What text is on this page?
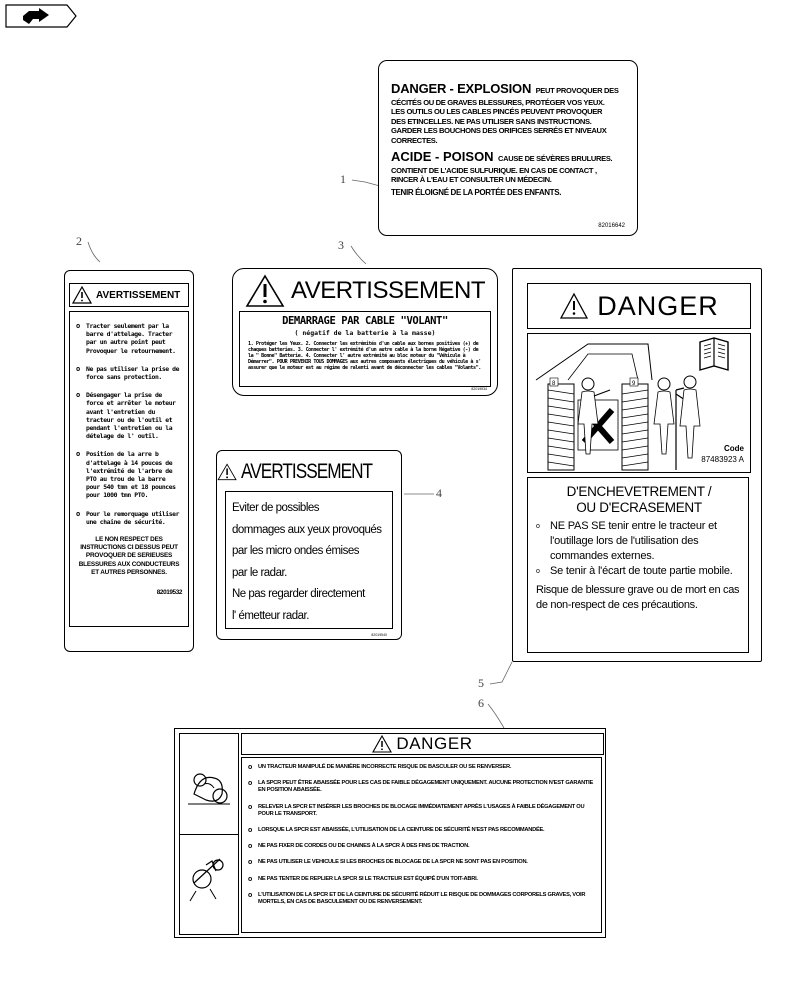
1
2	3
4
5
6
DANGER - EXPLOSION PEUT PROVOQUER DES
CÉCITÉS OU DE GRAVES BLESSURES, PROTÉGER VOS YEUX.
LES OUTILS OU LES CABLES PINCÉS PEUVENT PROVOQUER
DES ETINCELLES. NE PAS UTILISER SANS INSTRUCTIONS.
GARDER LES BOUCHONS DES ORIFICES SERRÉS ET NIVEAUX
CORRECTES.
ACIDE - POISON CAUSE DE SÉVÈRES BRULURES.
CONTIENT DE L'ACIDE SULFURIQUE. EN CAS DE CONTACT ,
RINCER À L'EAU ET CONSULTER UN MÉDECIN.
TENIR ÉLOIGNÉ DE LA PORTÉE DES ENFANTS.
82016642
AVERTISSEMENT
o Tracter seulement par la barre d'attelage. Tracter par un autre point peut Provoquer le retournement.
o Ne pas utiliser la prise de force sans protection.
o Désengager la prise de force et arrêter le moteur avant l'entretien du tracteur ou de l'outil et pendant l'entretien ou la dételage de l' outil.
o Position de la arre b d'attelage à 14 pouces de l'extrémité de l'arbre de PTO au trou de la barre pour 540 tmn et 18 pounces pour 1000 tmn PTO.
o Pour le remorquage utiliser une chaine de sécurité.
LE NON RESPECT DES INSTRUCTIONS CI DESSUS PEUT PROVOQUER DE SERIEUSES BLESSURES AUX CONDUCTEURS ET AUTRES PERSONNES.
82019532
AVERTISSEMENT
DEMARRAGE PAR CABLE "VOLANT"
( négatif de la batterie à la masse)
1. Protéger les Yeux. 2. Connecter les extrémités d'un cable aux bornes positives (+) de chaques batteries. 3. Connecter l' extrémité d'un autre cable à la borne Négative (-) de la " Bonne" Batterie. 4. Connecter l' autre extrémité au bloc moteur du "Véhicule à Démarrer". POUR PREVENIR TOUS DOMMAGES aux autres composants électriques du véhicule à s' assurer que le moteur est au régime de ralenti avant de déconnecter les cables "Volants".
82019534
AVERTISSEMENT
Eviter de possibles
dommages aux yeux provoqués
par les micro ondes émises
par le radar.
Ne pas regarder directement
l' émetteur radar.
82019540
DANGER
8	9
Code
87483923 A
D'ENCHEVETREMENT /
OU D'ECRASEMENT
o NE PAS SE tenir entre le tracteur et l'outillage lors de l'utilisation des commandes externes.
o Se tenir à l'écart de toute partie mobile.
Risque de blessure grave ou de mort en cas de non-respect de ces précautions.
DANGER
o UN TRACTEUR MANIPULÉ DE MANIÈRE INCORRECTE RISQUE DE BASCULER OU SE RENVERSER.
o LA SPCR PEUT ÊTRE ABAISSÉE POUR LES CAS DE FAIBLE DÉGAGEMENT UNIQUEMENT. AUCUNE PROTECTION N'EST GARANTIE EN POSITION ABAISSÉE.
o RELEVER LA SPCR ET INSÉRER LES BROCHES DE BLOCAGE IMMÉDIATEMENT APRÈS L'USAGES À FAIBLE DÉGAGEMENT OU POUR LE TRANSPORT.
o LORSQUE LA SPCR EST ABAISSÉE, L'UTILISATION DE LA CEINTURE DE SÉCURITÉ N'EST PAS RECOMMANDÉE.
o NE PAS FIXER DE CORDES OU DE CHAINES À LA SPCR À DES FINS DE TRACTION.
o NE PAS UTILISER LE VEHICULE SI LES BROCHES DE BLOCAGE DE LA SPCR NE SONT PAS EN POSITION.
o NE PAS TENTER DE REPLIER LA SPCR SI LE TRACTEUR EST ÉQUIPÉ D'UN TOIT-ABRI.
o L'UTILISATION DE LA SPCR ET DE LA CEINTURE DE SÉCURITÉ RÉDUIT LE RISQUE DE DOMMAGES CORPORELS GRAVES, VOIR MORTELS, EN CAS DE BASCULEMENT OU DE RENVERSEMENT.
